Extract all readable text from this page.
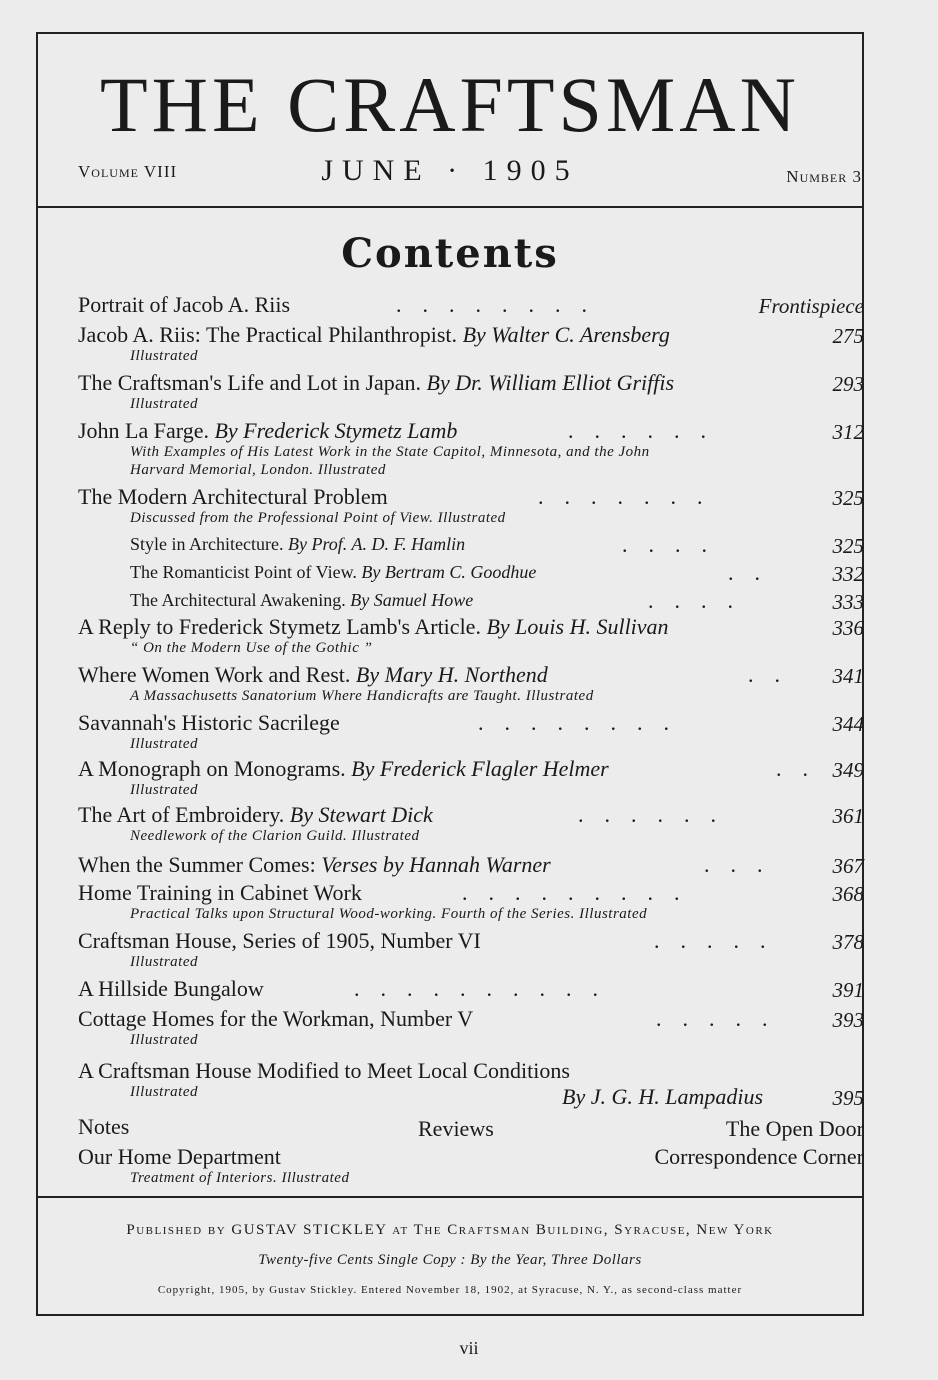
THE CRAFTSMAN
Volume VIII	JUNE · 1905	Number 3
Contents
Portrait of Jacob A. Riis	........	Frontispiece
Jacob A. Riis: The Practical Philanthropist. By Walter C. Arensberg	275
Illustrated
The Craftsman's Life and Lot in Japan. By Dr. William Elliot Griffis	293
Illustrated
John La Farge. By Frederick Stymetz Lamb	......	312
With Examples of His Latest Work in the State Capitol, Minnesota, and the John
Harvard Memorial, London. Illustrated
The Modern Architectural Problem	.......	325
Discussed from the Professional Point of View. Illustrated
Style in Architecture. By Prof. A. D. F. Hamlin	....	325
The Romanticist Point of View. By Bertram C. Goodhue	.. 332
The Architectural Awakening. By Samuel Howe	....	333
A Reply to Frederick Stymetz Lamb's Article. By Louis H. Sullivan	336
“ On the Modern Use of the Gothic ”
Where Women Work and Rest. By Mary H. Northend	.. 341
A Massachusetts Sanatorium Where Handicrafts are Taught. Illustrated
Savannah's Historic Sacrilege	........	344
Illustrated
A Monograph on Monograms. By Frederick Flagler Helmer	.. 349
Illustrated
The Art of Embroidery. By Stewart Dick	......	361
Needlework of the Clarion Guild. Illustrated
When the Summer Comes: Verses by Hannah Warner	... 367
Home Training in Cabinet Work	.........	368
Practical Talks upon Structural Wood-working. Fourth of the Series. Illustrated
Craftsman House, Series of 1905, Number VI	..... 378
Illustrated
A Hillside Bungalow	..........	391
Cottage Homes for the Workman, Number V	..... 393
Illustrated
A Craftsman House Modified to Meet Local Conditions
Illustrated	By J. G. H. Lampadius	395
Notes	Reviews	The Open Door
Our Home Department	Correspondence Corner
Treatment of Interiors. Illustrated
Published by GUSTAV STICKLEY at The Craftsman Building, Syracuse, New York
Twenty-five Cents Single Copy : By the Year, Three Dollars
Copyright, 1905, by Gustav Stickley. Entered November 18, 1902, at Syracuse, N. Y., as second-class matter
vii
